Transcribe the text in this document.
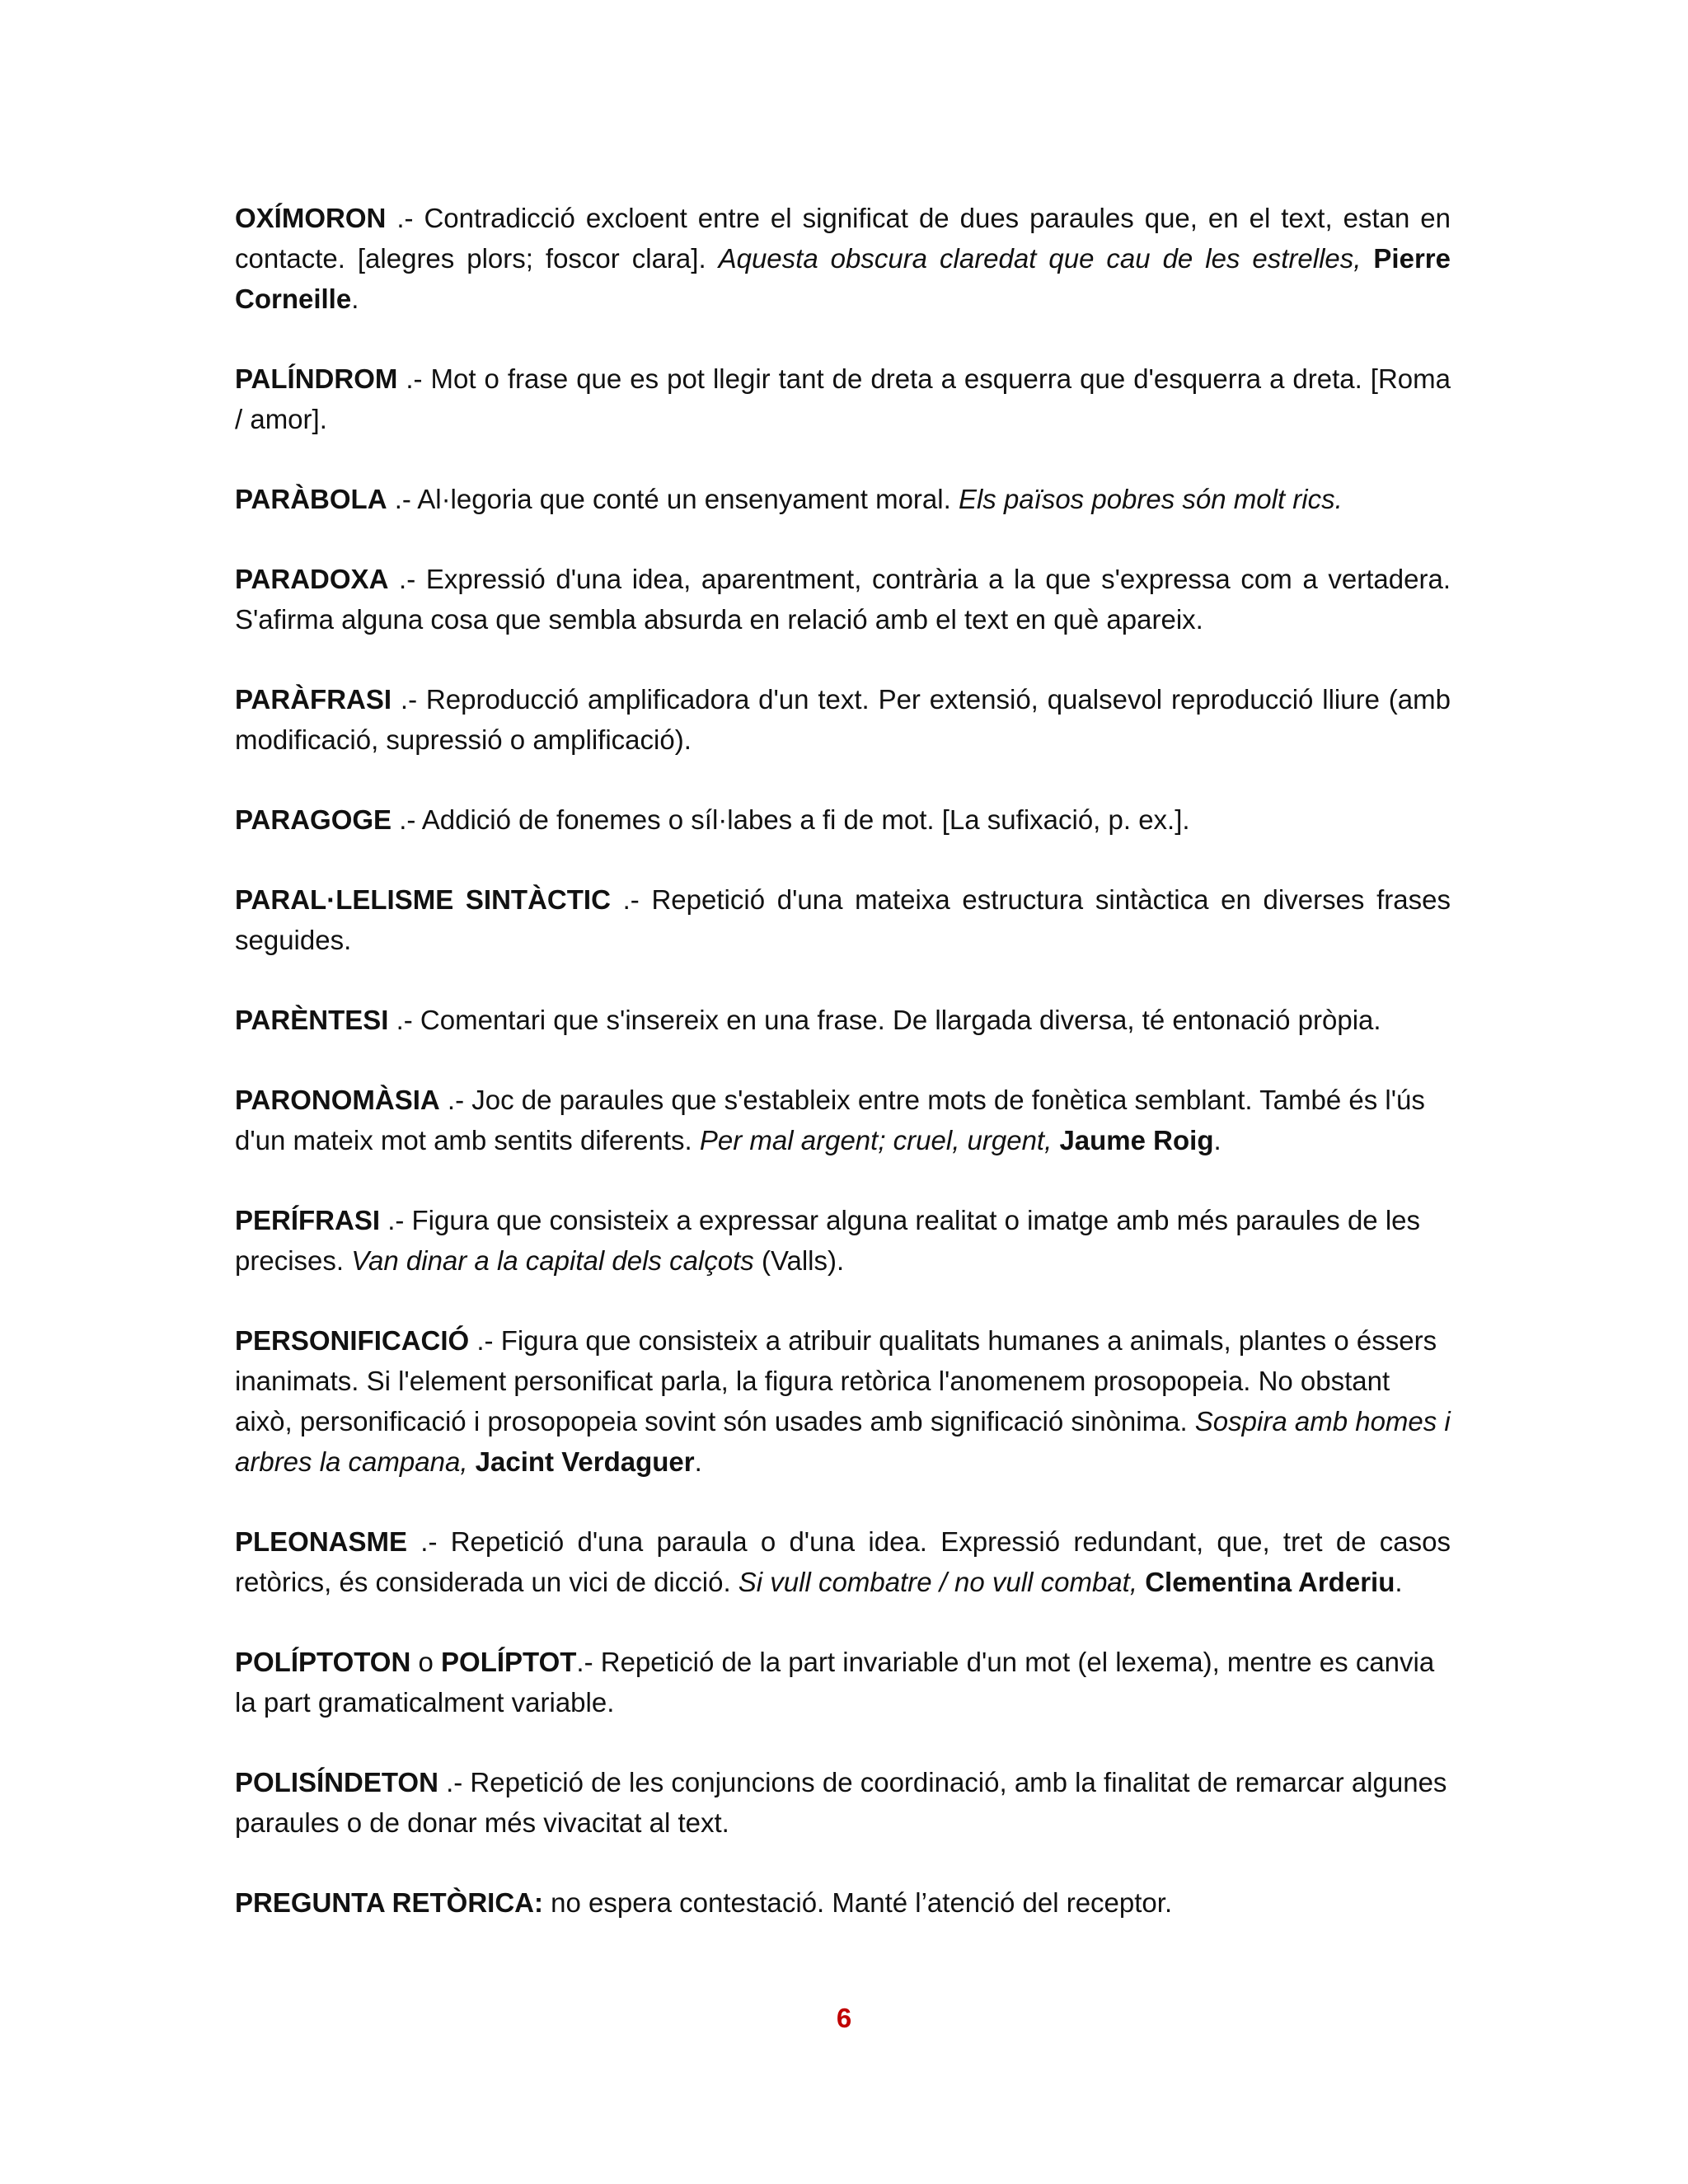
OXÍMORON .- Contradicció excloent entre el significat de dues paraules que, en el text, estan en contacte. [alegres plors; foscor clara]. Aquesta obscura claredat que cau de les estrelles, Pierre Corneille.

PALÍNDROM .- Mot o frase que es pot llegir tant de dreta a esquerra que d'esquerra a dreta. [Roma / amor].

PARÀBOLA .- Al·legoria que conté un ensenyament moral. Els països pobres són molt rics.

PARADOXA .- Expressió d'una idea, aparentment, contrària a la que s'expressa com a vertadera. S'afirma alguna cosa que sembla absurda en relació amb el text en què apareix.

PARÀFRASI .- Reproducció amplificadora d'un text. Per extensió, qualsevol reproducció lliure (amb modificació, supressió o amplificació).

PARAGOGE .- Addició de fonemes o síl·labes a fi de mot. [La sufixació, p. ex.].

PARAL·LELISME SINTÀCTIC .- Repetició d'una mateixa estructura sintàctica en diverses frases seguides.

PARÈNTESI .- Comentari que s'insereix en una frase. De llargada diversa, té entonació pròpia.

PARONOMÀSIA .- Joc de paraules que s'estableix entre mots de fonètica semblant. També és l'ús d'un mateix mot amb sentits diferents. Per mal argent; cruel, urgent, Jaume Roig.

PERÍFRASI .- Figura que consisteix a expressar alguna realitat o imatge amb més paraules de les precises. Van dinar a la capital dels calçots (Valls).

PERSONIFICACIÓ .- Figura que consisteix a atribuir qualitats humanes a animals, plantes o éssers inanimats. Si l'element personificat parla, la figura retòrica l'anomenem prosopopeia. No obstant això, personificació i prosopopeia sovint són usades amb significació sinònima. Sospira amb homes i arbres la campana, Jacint Verdaguer.

PLEONASME .- Repetició d'una paraula o d'una idea. Expressió redundant, que, tret de casos retòrics, és considerada un vici de dicció. Si vull combatre / no vull combat, Clementina Arderiu.

POLÍPTOTON o POLÍPTOT.- Repetició de la part invariable d'un mot (el lexema), mentre es canvia la part gramaticalment variable.

POLISÍNDETON .- Repetició de les conjuncions de coordinació, amb la finalitat de remarcar algunes paraules o de donar més vivacitat al text.

PREGUNTA RETÒRICA: no espera contestació. Manté l’atenció del receptor.

6
